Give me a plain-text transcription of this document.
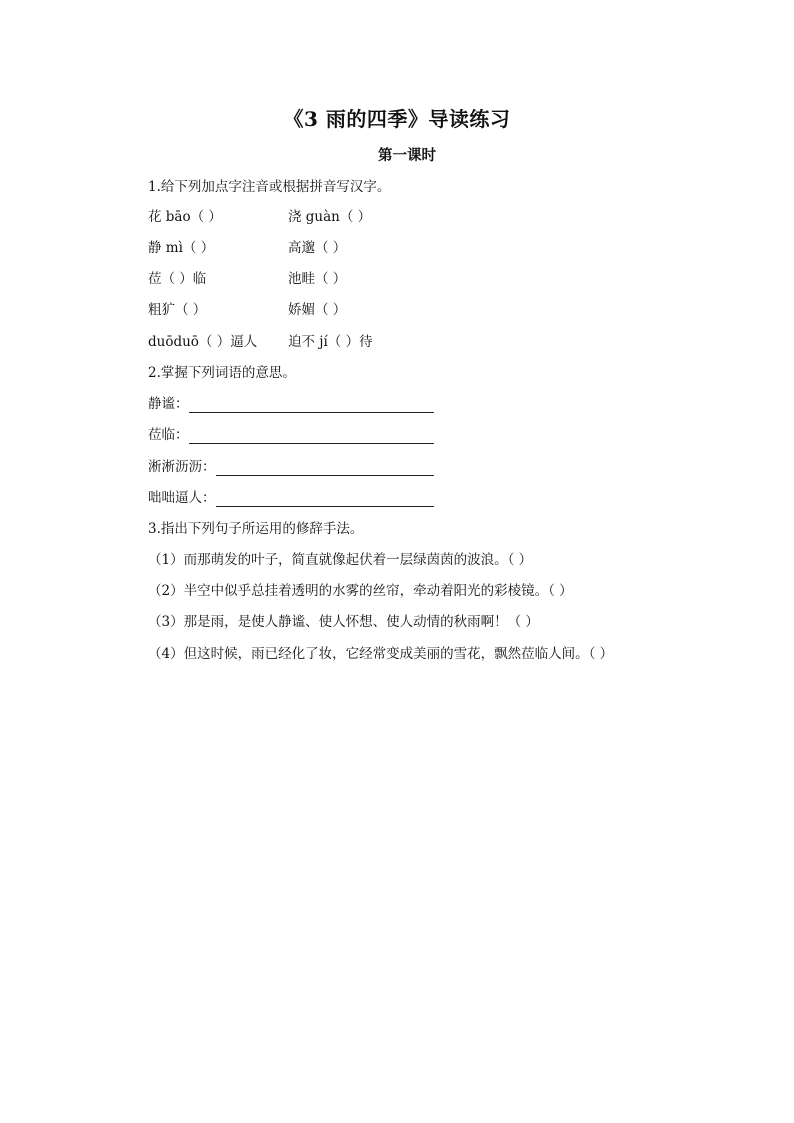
《3 雨的四季》导读练习
第一课时
1.给下列加点字注音或根据拼音写汉字。
花 bāo（ ）	浇 guàn（ ）
静 mì（ ）	高邈（ ）
莅（ ）临	池畦（ ）
粗犷（ ）	娇媚（ ）
duōduō（ ）逼人 迫不 jí（ ）待
2.掌握下列词语的意思。
静谧：
莅临：
淅淅沥沥：
咄咄逼人：
3.指出下列句子所运用的修辞手法。
（1）而那萌发的叶子，简直就像起伏着一层绿茵茵的波浪。（ ）
（2）半空中似乎总挂着透明的水雾的丝帘，牵动着阳光的彩棱镜。（ ）
（3）那是雨，是使人静谧、使人怀想、使人动情的秋雨啊！（ ）
（4）但这时候，雨已经化了妆，它经常变成美丽的雪花，飘然莅临人间。（ ）
